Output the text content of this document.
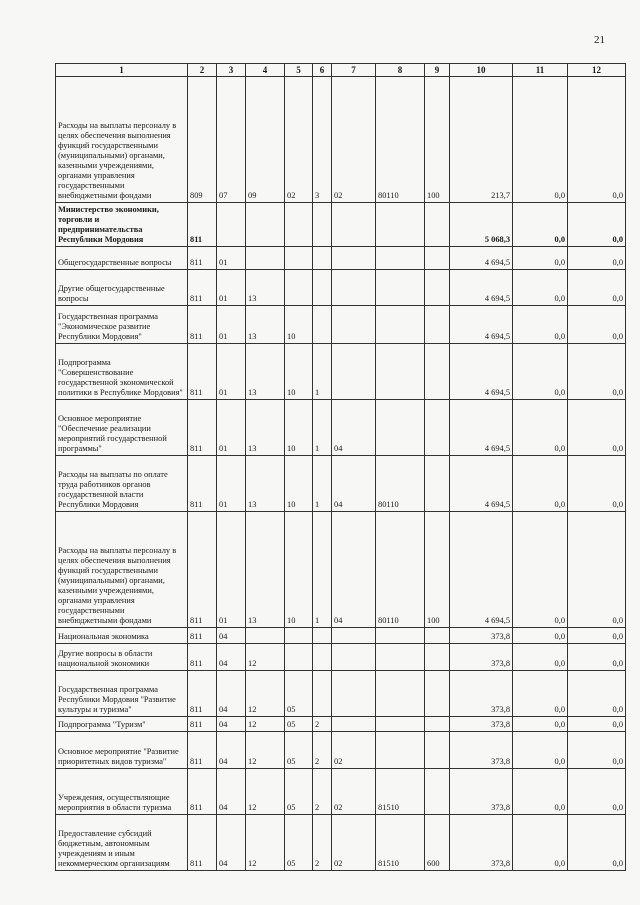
21
1	2	3	4	5	6	7	8	9	10	11	12
Расходы на выплаты персоналу в целях обеспечения выполнения функций государственными (муниципальными) органами, казенными учреждениями, органами управления государственными внебюджетными фондами	809	07	09	02	3	02	80110	100	213,7	0,0	0,0
Министерство экономики, торговли и предпринимательства Республики Мордовия	811								5 068,3	0,0	0,0
Общегосударственные вопросы	811	01							4 694,5	0,0	0,0
Другие общегосударственные вопросы	811	01	13						4 694,5	0,0	0,0
Государственная программа "Экономическое развитие Республики Мордовия"	811	01	13	10					4 694,5	0,0	0,0
Подпрограмма "Совершенствование государственной экономической политики в Республике Мордовия"	811	01	13	10	1				4 694,5	0,0	0,0
Основное мероприятие "Обеспечение реализации мероприятий государственной программы"	811	01	13	10	1	04			4 694,5	0,0	0,0
Расходы на выплаты по оплате труда работников органов государственной власти Республики Мордовия	811	01	13	10	1	04	80110		4 694,5	0,0	0,0
Расходы на выплаты персоналу в целях обеспечения выполнения функций государственными (муниципальными) органами, казенными учреждениями, органами управления государственными внебюджетными фондами	811	01	13	10	1	04	80110	100	4 694,5	0,0	0,0
Национальная экономика	811	04							373,8	0,0	0,0
Другие вопросы в области национальной экономики	811	04	12						373,8	0,0	0,0
Государственная программа Республики Мордовия "Развитие культуры и туризма"	811	04	12	05					373,8	0,0	0,0
Подпрограмма "Туризм"	811	04	12	05	2				373,8	0,0	0,0
Основное мероприятие "Развитие приоритетных видов туризма"	811	04	12	05	2	02			373,8	0,0	0,0
Учреждения, осуществляющие мероприятия в области туризма	811	04	12	05	2	02	81510		373,8	0,0	0,0
Предоставление субсидий бюджетным, автономным учреждениям и иным некоммерческим организациям	811	04	12	05	2	02	81510	600	373,8	0,0	0,0
